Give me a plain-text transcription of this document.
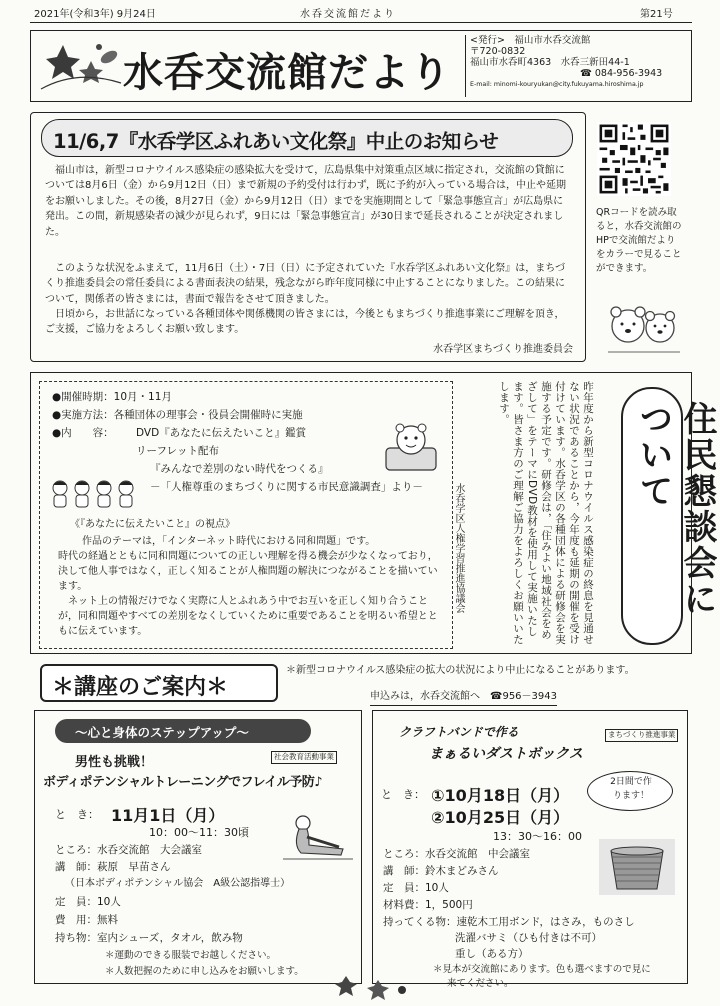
2021年(令和3年) 9月24日	水呑交流館だより	第21号
水呑交流館だより
<発行>　福山市水呑交流館
〒720-0832
福山市水呑町4363　水呑三新田44-1
☎ 084-956-3943
E-mail: minomi-kouryukan@city.fukuyama.hiroshima.jp
11/6,7『水呑学区ふれあい文化祭』中止のお知らせ
福山市は，新型コロナウイルス感染症の感染拡大を受けて，広島県集中対策重点区域に指定され，交流館の貸館については8月6日（金）から9月12日（日）まで新規の予約受付は行わず，既に予約が入っている場合は，中止や延期をお願いしました。その後，8月27日（金）から9月12日（日）までを実施期間として「緊急事態宣言」が広島県に発出。この間，新規感染者の減少が見られず，9日には「緊急事態宣言」が30日まで延長されることが決定されました。
このような状況をふまえて，11月6日（土）・7日（日）に予定されていた『水呑学区ふれあい文化祭』は，まちづくり推進委員会の常任委員による書面表決の結果，残念ながら昨年度同様に中止することになりました。この結果について，関係者の皆さまには，書面で報告をさせて頂きました。
日頃から，お世話になっている各種団体や関係機関の皆さまには，今後ともまちづくり推進事業にご理解を頂き，ご支援，ご協力をよろしくお願い致します。
水呑学区まちづくり推進委員会
QRコードを読み取ると，水呑交流館のHPで交流館だよりをカラーで見ることができます。
●開催時期：10月・11月
●実施方法：各種団体の理事会・役員会開催時に実施
●内　　容： DVD『あなたに伝えたいこと』鑑賞
リーフレット配布
『みんなで差別のない時代をつくる』
－「人権尊重のまちづくりに関する市民意識調査」より－
《『あなたに伝えたいこと』の視点》
作品のテーマは，「インターネット時代における同和問題」です。
時代の経過とともに同和問題についての正しい理解を得る機会が少なくなっており，決して他人事ではなく，正しく知ることが人権問題の解決につながることを描いています。
ネット上の情報だけでなく実際に人とふれあう中でお互いを正しく知り合うことが，同和問題やすべての差別をなくしていくために重要であることを明るい希望とともに伝えています。	昨年度から新型コロナウイルス感染症の終息を見通せない状況であることから，今年度も延期の開催を受け付けています。水呑学区の各種団体による研修会を実施する予定です。研修会は，「住みよい地域社会をめざして」をテーマにDVD教材を使用して実施いたします。皆さま方のご理解ご協力をよろしくお願いいたします。
水呑学区人権学習推進協議会	住民懇談会について
＊講座のご案内＊
＊新型コロナウイルス感染症の拡大の状況により中止になることがあります。
申込みは，水呑交流館へ　☎956－3943
〜心と身体のステップアップ〜
社会教育活動事業
男性も挑戦！
ボディポテンシャルトレーニングでフレイル予防♪
と　き： 11月1日（月）
10：00〜11：30頃
ところ：水呑交流館　大会議室
講　師：萩原　早苗さん
（日本ボディポテンシャル協会　A級公認指導士）
定　員：10人
費　用：無料
持ち物：室内シューズ，タオル，飲み物
＊運動のできる服装でお越しください。
＊人数把握のために申し込みをお願いします。
まちづくり推進事業
クラフトバンドで作る
まぁるいダストボックス
と　き： ①10月18日（月）
②10月25日（月）
2日間で作ります！
13：30〜16：00
ところ：水呑交流館　中会議室
講　師：鈴木まどみさん
定　員：10人
材料費：1，500円
持ってくる物：速乾木工用ボンド，はさみ，ものさし
洗濯バサミ（ひも付きは不可）
重し（ある方）
＊見本が交流館にあります。色も選べますので見に
来てください。
